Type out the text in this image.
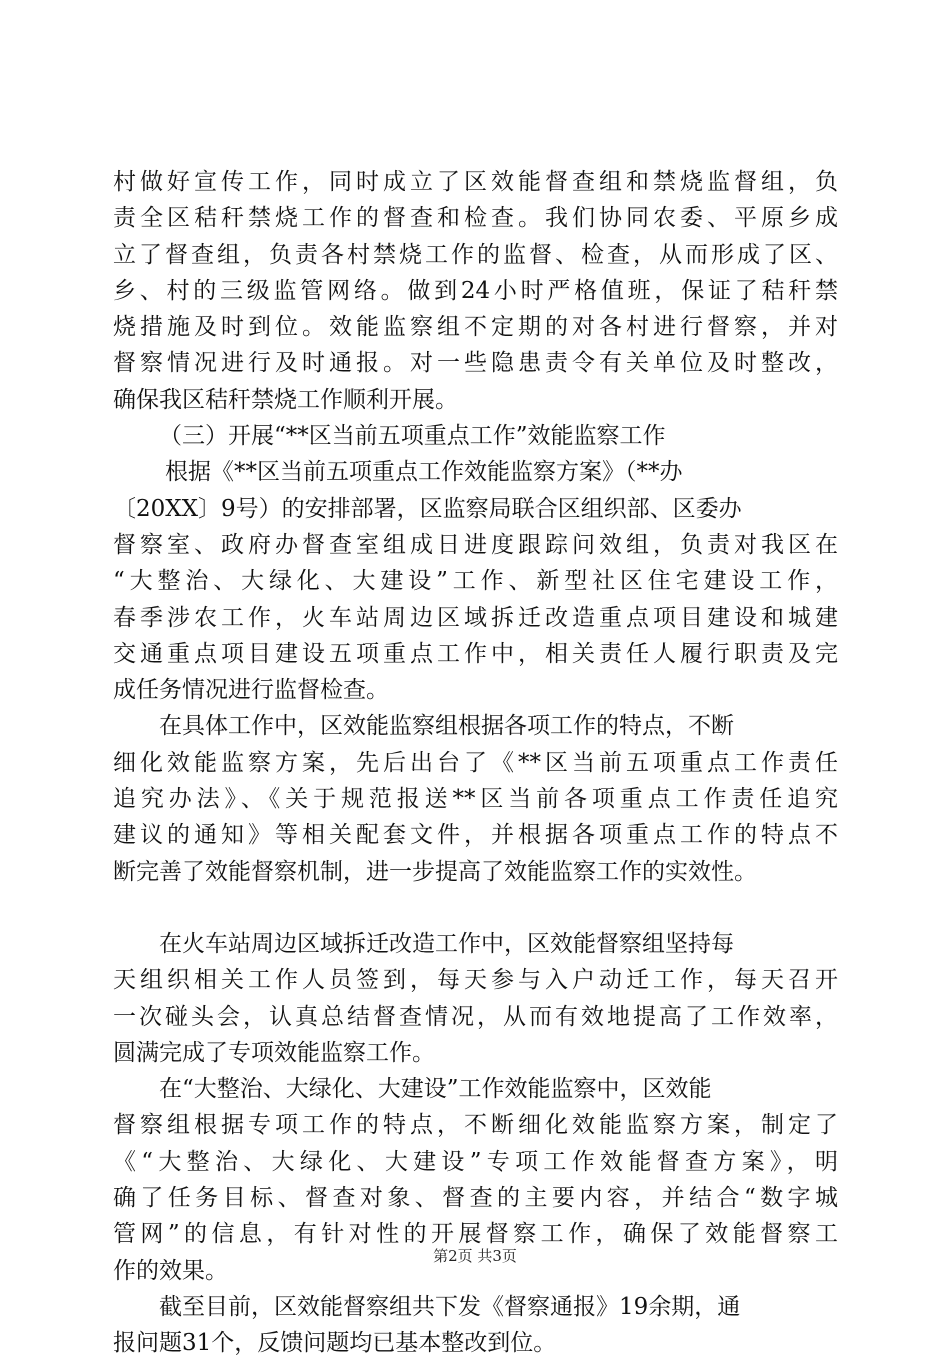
村做好宣传工作，同时成立了区效能督查组和禁烧监督组，负
责全区秸秆禁烧工作的督查和检查。我们协同农委、平原乡成
立了督查组，负责各村禁烧工作的监督、检查，从而形成了区、
乡、村的三级监管网络。做到24小时严格值班，保证了秸秆禁
烧措施及时到位。效能监察组不定期的对各村进行督察，并对
督察情况进行及时通报。对一些隐患责令有关单位及时整改，
确保我区秸秆禁烧工作顺利开展。
（三）开展“**区当前五项重点工作”效能监察工作
根据《**区当前五项重点工作效能监察方案》（**办
〔20XX〕9号）的安排部署，区监察局联合区组织部、区委办
督察室、政府办督查室组成日进度跟踪问效组，负责对我区在
“大整治、大绿化、大建设”工作、新型社区住宅建设工作，
春季涉农工作，火车站周边区域拆迁改造重点项目建设和城建
交通重点项目建设五项重点工作中，相关责任人履行职责及完
成任务情况进行监督检查。
在具体工作中，区效能监察组根据各项工作的特点，不断
细化效能监察方案，先后出台了《**区当前五项重点工作责任
追究办法》、《关于规范报送**区当前各项重点工作责任追究
建议的通知》等相关配套文件，并根据各项重点工作的特点不
断完善了效能督察机制，进一步提高了效能监察工作的实效性。
在火车站周边区域拆迁改造工作中，区效能督察组坚持每
天组织相关工作人员签到，每天参与入户动迁工作，每天召开
一次碰头会，认真总结督查情况，从而有效地提高了工作效率，
圆满完成了专项效能监察工作。
在“大整治、大绿化、大建设”工作效能监察中，区效能
督察组根据专项工作的特点，不断细化效能监察方案，制定了
《“大整治、大绿化、大建设”专项工作效能督查方案》，明
确了任务目标、督查对象、督查的主要内容，并结合“数字城
管网”的信息，有针对性的开展督察工作，确保了效能督察工
作的效果。
截至目前，区效能督察组共下发《督察通报》19余期，通
报问题31个，反馈问题均已基本整改到位。
第2页 共3页
